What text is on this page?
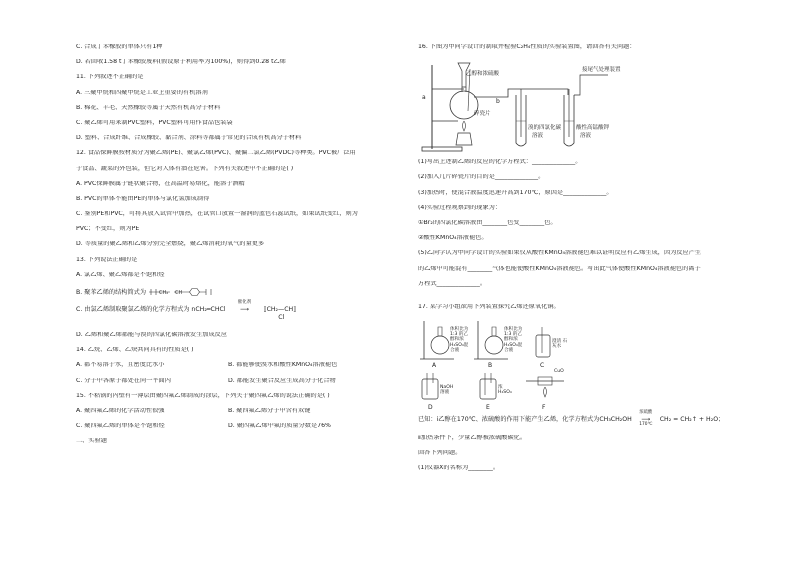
C. 合成丁苯橡胶的单体只有1种
D. 若回收1.58 t丁苯橡胶废料(假设原子利用率为100%)，则得到0.28 t乙烯
11. 下列叙述不正确的是
A. 三聚甲烷和四聚甲烷是工业上重要的有机溶剂
B. 棉花、羊毛、天然橡胶等属于天然有机高分子材料
C. 聚乙烯可用来制PVC塑料，PVC塑料可用作食品包装袋
D. 塑料、合成纤维、合成橡胶、黏合剂、涂料等都属于常见的合成有机高分子材料
12. 食品保鲜膜按材质分为聚乙烯(PE)、聚氯乙烯(PVC)、聚偏二氯乙烯(PVDC)等种类。PVC被广泛用
于食品、蔬菜的外包装，但它对人体有潜在危害。下列有关叙述中不正确的是( )
A. PVC保鲜膜属于链状聚合物，在高温时易熔化，能溶于酒精
B. PVC的单体不能由PE的单体与氯化氢加成制得
C. 鉴别PE和PVC，可将其放入试管中加热，在试管口放置一湿润的蓝色石蕊试纸，如果试纸变红，则为
PVC；不变红，则为PE
D. 等质量的聚乙烯和乙烯分别完全燃烧，聚乙烯消耗的氧气的量更多
13. 下列说法正确的是
A. 氯乙烯、聚乙烯都是不饱和烃
B. 聚苯乙烯的结构简式为	CH₂ CH
C. 由氯乙烯制取聚氯乙烯的化学方程式为 nCH₂═CHCl
催化剂
⟶ ⟦CH₂—CH⟧ Cl
D. 乙烯和聚乙烯都能与溴的四氯化碳溶液发生加成反应
14. 乙烷、乙烯、乙炔共同具有的性质是( )
A. 都不易溶于水，且密度比水小	B. 都能够使溴水和酸性KMnO₄溶液褪色
C. 分子中各原子都处在同一平面内	D. 都能发生聚合反应生成高分子化合物
15. 不粘锅的内壁有一薄层由聚四氟乙烯制成的涂层，下列关于聚四氟乙烯的说法正确的是( )
A. 聚四氟乙烯的化学活动性很强	B. 聚四氟乙烯分子中含有双键
C. 聚四氟乙烯的单体是不饱和烃	D. 聚四氟乙烯中氟的质量分数是76%
二、实验题
16. 下图为甲同学设计的制取并检验C₂H₄性质的实验装置图，请回答有关问题：
a
b
乙醇和浓硫酸
碎瓷片
接尾气处理装置
溴的四氯化碳
溶液
酸性高锰酸钾
溶液
(1)写出上述制乙烯的反应的化学方程式：______________。
(2)加入几片碎瓷片的目的是______________。
(3)加热时，使混合液温度迅速升高到170℃，原因是______________。
(4)实验过程观察到的现象为：
①Br₂的四氯化碳溶液由________色变________色。
②酸性KMnO₄溶液褪色。
(5)乙同学认为甲同学设计的实验如果仅从酸性KMnO₄溶液褪色难以证明反应有乙烯生成，因为反应产生
的乙烯中可能混有________气体也能使酸性KMnO₄溶液褪色。写出此气体使酸性KMnO₄溶液褪色的离子
方程式______________。
17. 某学习小组欲用下列装置探究乙烯还原氧化铜。
A	B	C
D	E	F
体积比为1:3 的乙醇和浓 H₂SO₄混合液
体积比为1:3 的乙醇和浓 H₂SO₄混合液
澄清 石灰水
NaOH 溶液
浓 H₂SO₄
CuO
已知：ⅰ乙醇在170℃、浓硫酸的作用下能产生乙烯，化学方程式为CH₃CH₂OH
浓硫酸
⟶
170℃
CH₂ = CH₂↑ + H₂O；
ⅱ加热条件下，少量乙醇被浓硫酸碳化。
回答下列问题。
(1)仪器X的名称为________。
